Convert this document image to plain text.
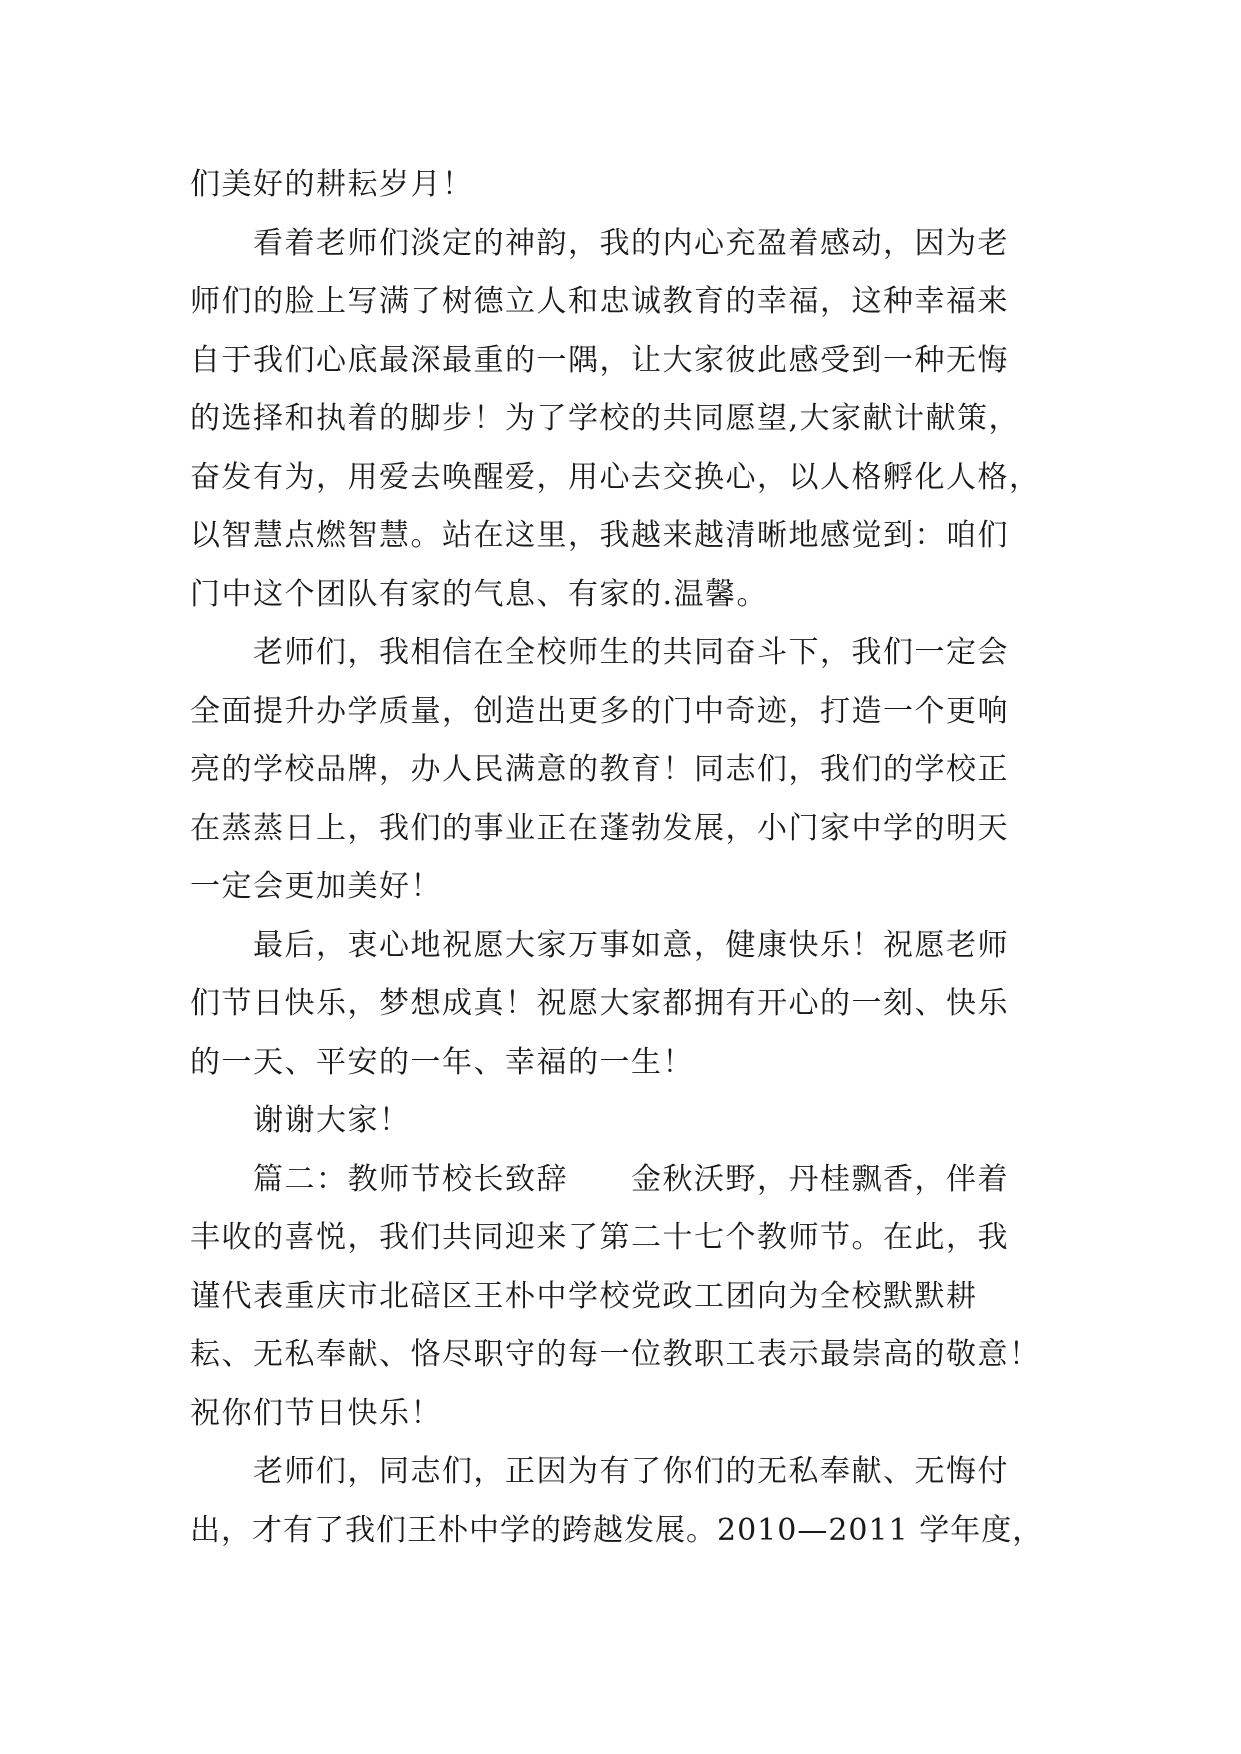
们美好的耕耘岁月！
看着老师们淡定的神韵，我的内心充盈着感动，因为老
师们的脸上写满了树德立人和忠诚教育的幸福，这种幸福来
自于我们心底最深最重的一隅，让大家彼此感受到一种无悔
的选择和执着的脚步！为了学校的共同愿望,大家献计献策，
奋发有为，用爱去唤醒爱，用心去交换心，以人格孵化人格，
以智慧点燃智慧。站在这里，我越来越清晰地感觉到：咱们
门中这个团队有家的气息、有家的.温馨。
老师们，我相信在全校师生的共同奋斗下，我们一定会
全面提升办学质量，创造出更多的门中奇迹，打造一个更响
亮的学校品牌，办人民满意的教育！同志们，我们的学校正
在蒸蒸日上，我们的事业正在蓬勃发展，小门家中学的明天
一定会更加美好！
最后，衷心地祝愿大家万事如意，健康快乐！祝愿老师
们节日快乐，梦想成真！祝愿大家都拥有开心的一刻、快乐
的一天、平安的一年、幸福的一生！
谢谢大家！
篇二：教师节校长致辞　　金秋沃野，丹桂飘香，伴着
丰收的喜悦，我们共同迎来了第二十七个教师节。在此，我
谨代表重庆市北碚区王朴中学校党政工团向为全校默默耕
耘、无私奉献、恪尽职守的每一位教职工表示最崇高的敬意！
祝你们节日快乐！
老师们，同志们，正因为有了你们的无私奉献、无悔付
出，才有了我们王朴中学的跨越发展。2010—2011 学年度，
